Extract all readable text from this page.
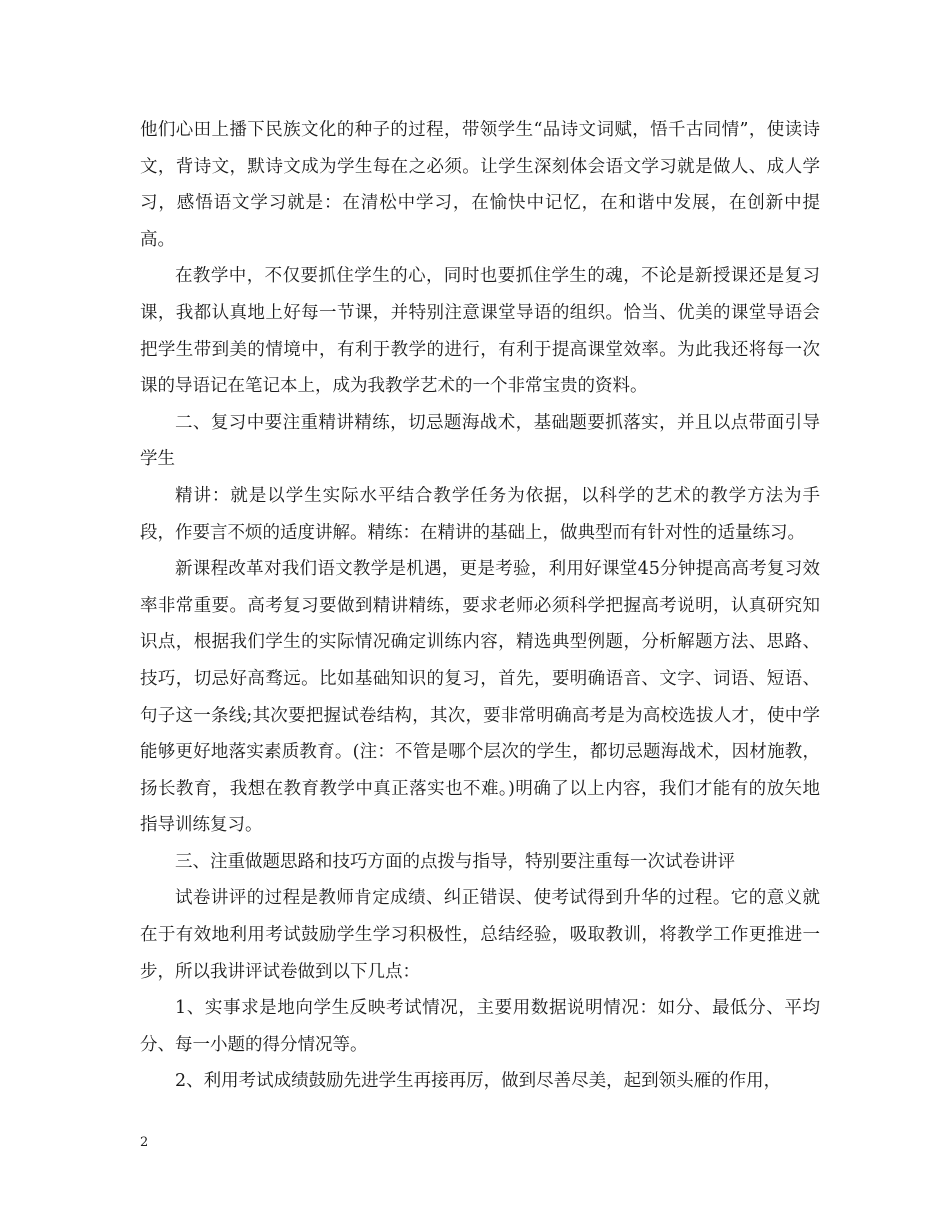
他们心田上播下民族文化的种子的过程，带领学生“品诗文词赋，悟千古同情”，使读诗文，背诗文，默诗文成为学生每在之必须。让学生深刻体会语文学习就是做人、成人学习，感悟语文学习就是：在清松中学习，在愉快中记忆，在和谐中发展，在创新中提高。

在教学中，不仅要抓住学生的心，同时也要抓住学生的魂，不论是新授课还是复习课，我都认真地上好每一节课，并特别注意课堂导语的组织。恰当、优美的课堂导语会把学生带到美的情境中，有利于教学的进行，有利于提高课堂效率。为此我还将每一次课的导语记在笔记本上，成为我教学艺术的一个非常宝贵的资料。

二、复习中要注重精讲精练，切忌题海战术，基础题要抓落实，并且以点带面引导学生

精讲：就是以学生实际水平结合教学任务为依据，以科学的艺术的教学方法为手段，作要言不烦的适度讲解。精练：在精讲的基础上，做典型而有针对性的适量练习。

新课程改革对我们语文教学是机遇，更是考验，利用好课堂45分钟提高高考复习效率非常重要。高考复习要做到精讲精练，要求老师必须科学把握高考说明，认真研究知识点，根据我们学生的实际情况确定训练内容，精选典型例题，分析解题方法、思路、技巧，切忌好高骛远。比如基础知识的复习，首先，要明确语音、文字、词语、短语、句子这一条线;其次要把握试卷结构，其次，要非常明确高考是为高校选拔人才，使中学能够更好地落实素质教育。(注：不管是哪个层次的学生，都切忌题海战术，因材施教，扬长教育，我想在教育教学中真正落实也不难。)明确了以上内容，我们才能有的放矢地指导训练复习。

三、注重做题思路和技巧方面的点拨与指导，特别要注重每一次试卷讲评

试卷讲评的过程是教师肯定成绩、纠正错误、使考试得到升华的过程。它的意义就在于有效地利用考试鼓励学生学习积极性，总结经验，吸取教训，将教学工作更推进一步，所以我讲评试卷做到以下几点：

1、实事求是地向学生反映考试情况，主要用数据说明情况：如分、最低分、平均分、每一小题的得分情况等。

2、利用考试成绩鼓励先进学生再接再厉，做到尽善尽美，起到领头雁的作用，

2
